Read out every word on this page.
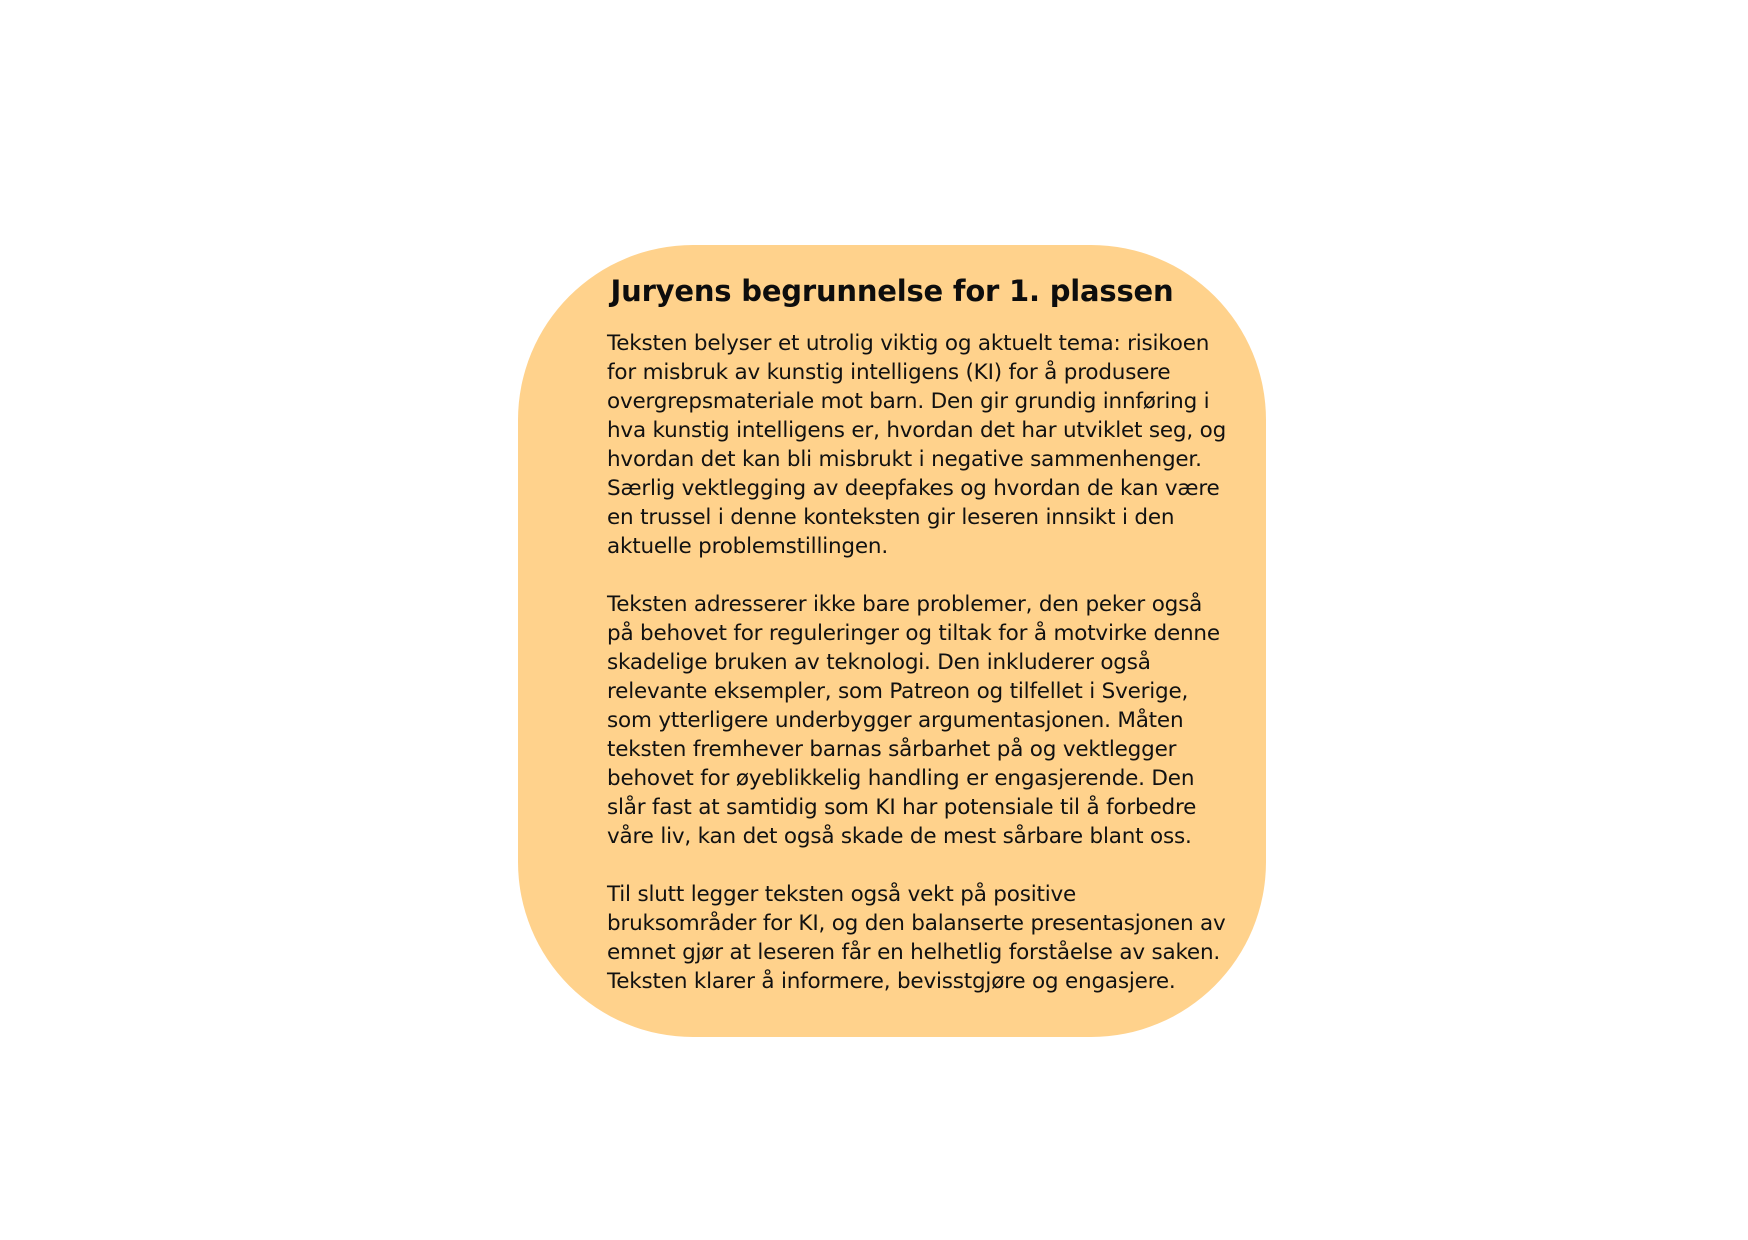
Juryens begrunnelse for 1. plassen

Teksten belyser et utrolig viktig og aktuelt tema: risikoen
for misbruk av kunstig intelligens (KI) for å produsere
overgrepsmateriale mot barn. Den gir grundig innføring i
hva kunstig intelligens er, hvordan det har utviklet seg, og
hvordan det kan bli misbrukt i negative sammenhenger.
Særlig vektlegging av deepfakes og hvordan de kan være
en trussel i denne konteksten gir leseren innsikt i den
aktuelle problemstillingen.

Teksten adresserer ikke bare problemer, den peker også
på behovet for reguleringer og tiltak for å motvirke denne
skadelige bruken av teknologi. Den inkluderer også
relevante eksempler, som Patreon og tilfellet i Sverige,
som ytterligere underbygger argumentasjonen. Måten
teksten fremhever barnas sårbarhet på og vektlegger
behovet for øyeblikkelig handling er engasjerende. Den
slår fast at samtidig som KI har potensiale til å forbedre
våre liv, kan det også skade de mest sårbare blant oss.

Til slutt legger teksten også vekt på positive
bruksområder for KI, og den balanserte presentasjonen av
emnet gjør at leseren får en helhetlig forståelse av saken.
Teksten klarer å informere, bevisstgjøre og engasjere.
